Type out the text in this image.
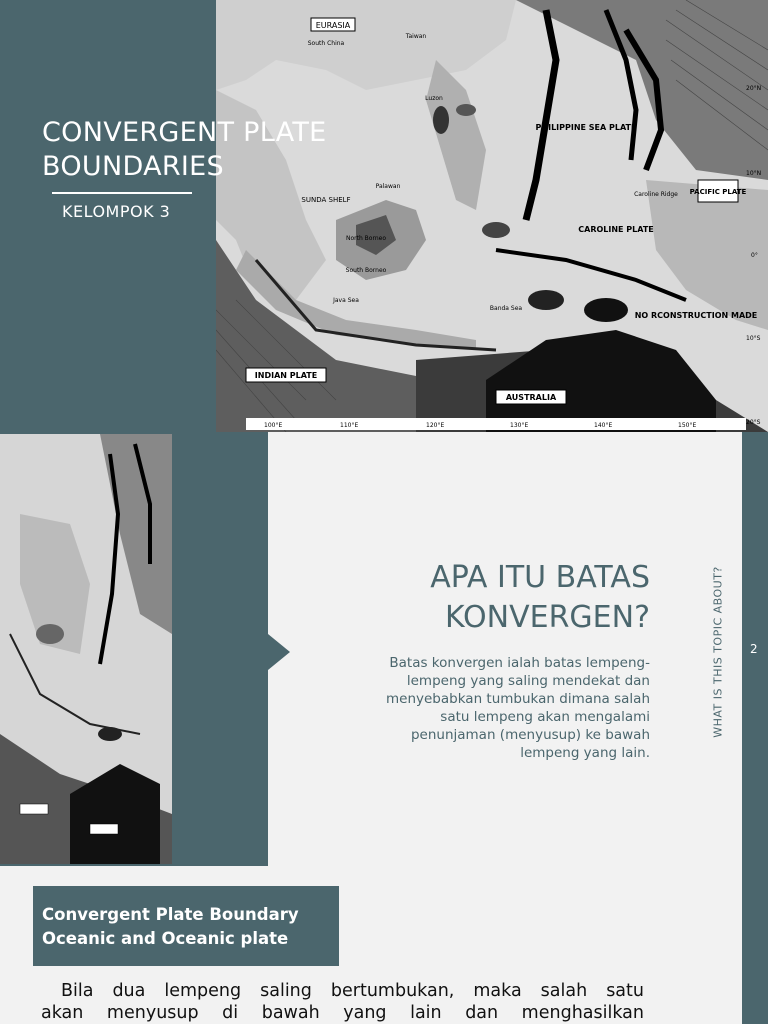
INDIAN PLATE
AUSTRALIA
EURASIA
PHILIPPINE SEA PLATE
CAROLINE PLATE
PACIFIC PLATE
NO RCONSTRUCTION MADE
SUNDA SHELF
South China
Taiwan
Luzon
Palawan
North Borneo
South Borneo
Java Sea
Banda Sea
Caroline Ridge
20°N
10°N
0°
10°S
20°S
100°E	110°E	120°E	130°E	140°E	150°E
CONVERGENT PLATE
BOUNDARIES
KELOMPOK 3
APA ITU BATAS
KONVERGEN?
Batas konvergen ialah batas lempeng-
lempeng yang saling mendekat dan
menyebabkan tumbukan dimana salah
satu lempeng akan mengalami
penunjaman (menyusup) ke bawah
lempeng yang lain.
WHAT IS THIS TOPIC ABOUT? 2
Convergent Plate Boundary
Oceanic and Oceanic plate
Bila dua lempeng saling bertumbukan, maka salah satu
akan menyusup di bawah yang lain dan menghasilkan
